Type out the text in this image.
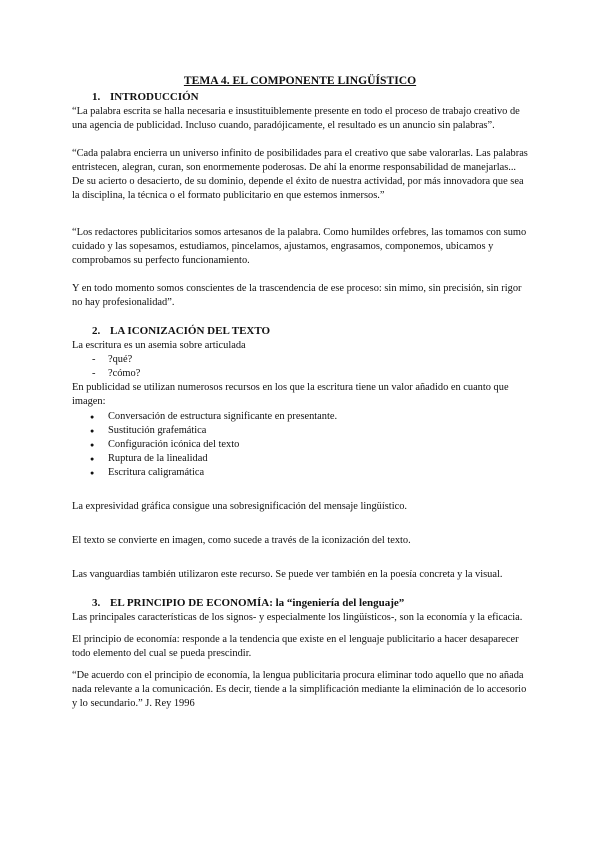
TEMA 4. EL COMPONENTE LINGÜÍSTICO

1. INTRODUCCIÓN

“La palabra escrita se halla necesaria e insustituiblemente presente en todo el proceso de trabajo creativo de una agencia de publicidad. Incluso cuando, paradójicamente, el resultado es un anuncio sin palabras”.

“Cada palabra encierra un universo infinito de posibilidades para el creativo que sabe valorarlas. Las palabras entristecen, alegran, curan, son enormemente poderosas. De ahí la enorme responsabilidad de manejarlas... De su acierto o desacierto, de su dominio, depende el éxito de nuestra actividad, por más innovadora que sea la disciplina, la técnica o el formato publicitario en que estemos inmersos.”

“Los redactores publicitarios somos artesanos de la palabra. Como humildes orfebres, las tomamos con sumo cuidado y las sopesamos, estudiamos, pincelamos, ajustamos, engrasamos, componemos, ubicamos y comprobamos su perfecto funcionamiento.

Y en todo momento somos conscientes de la trascendencia de ese proceso: sin mimo, sin precisión, sin rigor no hay profesionalidad”.

2. LA ICONIZACIÓN DEL TEXTO

La escritura es un asemia sobre articulada

- ?qué?
- ?cómo?

En publicidad se utilizan numerosos recursos en los que la escritura tiene un valor añadido en cuanto que imagen:

● Conversación de estructura significante en presentante.
● Sustitución grafemática
● Configuración icónica del texto
● Ruptura de la linealidad
● Escritura caligramática

La expresividad gráfica consigue una sobresignificación del mensaje lingüístico.

El texto se convierte en imagen, como sucede a través de la iconización del texto.

Las vanguardias también utilizaron este recurso. Se puede ver también en la poesía concreta y la visual.

3. EL PRINCIPIO DE ECONOMÍA: la “ingeniería del lenguaje”

Las principales características de los signos- y especialmente los lingüísticos-, son la economía y la eficacia.

El principio de economía: responde a la tendencia que existe en el lenguaje publicitario a hacer desaparecer todo elemento del cual se pueda prescindir.

“De acuerdo con el principio de economía, la lengua publicitaria procura eliminar todo aquello que no añada nada relevante a la comunicación. Es decir, tiende a la simplificación mediante la eliminación de lo accesorio y lo secundario.” J. Rey 1996
